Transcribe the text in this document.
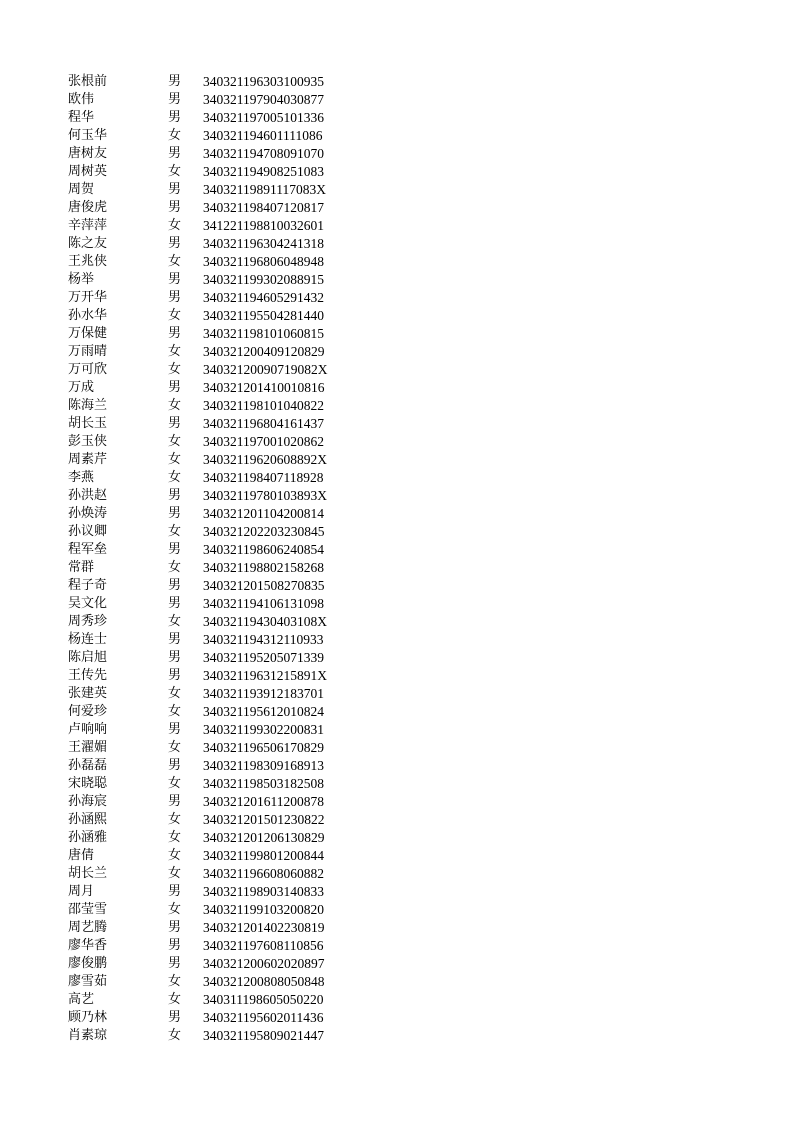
张根前	男	340321196303100935
欧伟	男	340321197904030877
程华	男	340321197005101336
何玉华	女	340321194601111086
唐树友	男	340321194708091070
周树英	女	340321194908251083
周贺	男	34032119891117083X
唐俊虎	男	340321198407120817
辛萍萍	女	341221198810032601
陈之友	男	340321196304241318
王兆侠	女	340321196806048948
杨举	男	340321199302088915
万开华	男	340321194605291432
孙水华	女	340321195504281440
万保健	男	340321198101060815
万雨晴	女	340321200409120829
万可欣	女	34032120090719082X
万成	男	340321201410010816
陈海兰	女	340321198101040822
胡长玉	男	340321196804161437
彭玉侠	女	340321197001020862
周素芹	女	34032119620608892X
李燕	女	340321198407118928
孙洪赵	男	34032119780103893X
孙焕涛	男	340321201104200814
孙议卿	女	340321202203230845
程军垒	男	340321198606240854
常群	女	340321198802158268
程子奇	男	340321201508270835
吴文化	男	340321194106131098
周秀珍	女	34032119430403108X
杨连士	男	340321194312110933
陈启旭	男	340321195205071339
王传先	男	34032119631215891X
张建英	女	340321193912183701
何爱珍	女	340321195612010824
卢响响	男	340321199302200831
王濯媚	女	340321196506170829
孙磊磊	男	340321198309168913
宋晓聪	女	340321198503182508
孙海宸	男	340321201611200878
孙涵熙	女	340321201501230822
孙涵雅	女	340321201206130829
唐倩	女	340321199801200844
胡长兰	女	340321196608060882
周月	男	340321198903140833
邵莹雪	女	340321199103200820
周艺腾	男	340321201402230819
廖华香	男	340321197608110856
廖俊鹏	男	340321200602020897
廖雪茹	女	340321200808050848
高艺	女	340311198605050220
顾乃林	男	340321195602011436
肖素琼	女	340321195809021447
